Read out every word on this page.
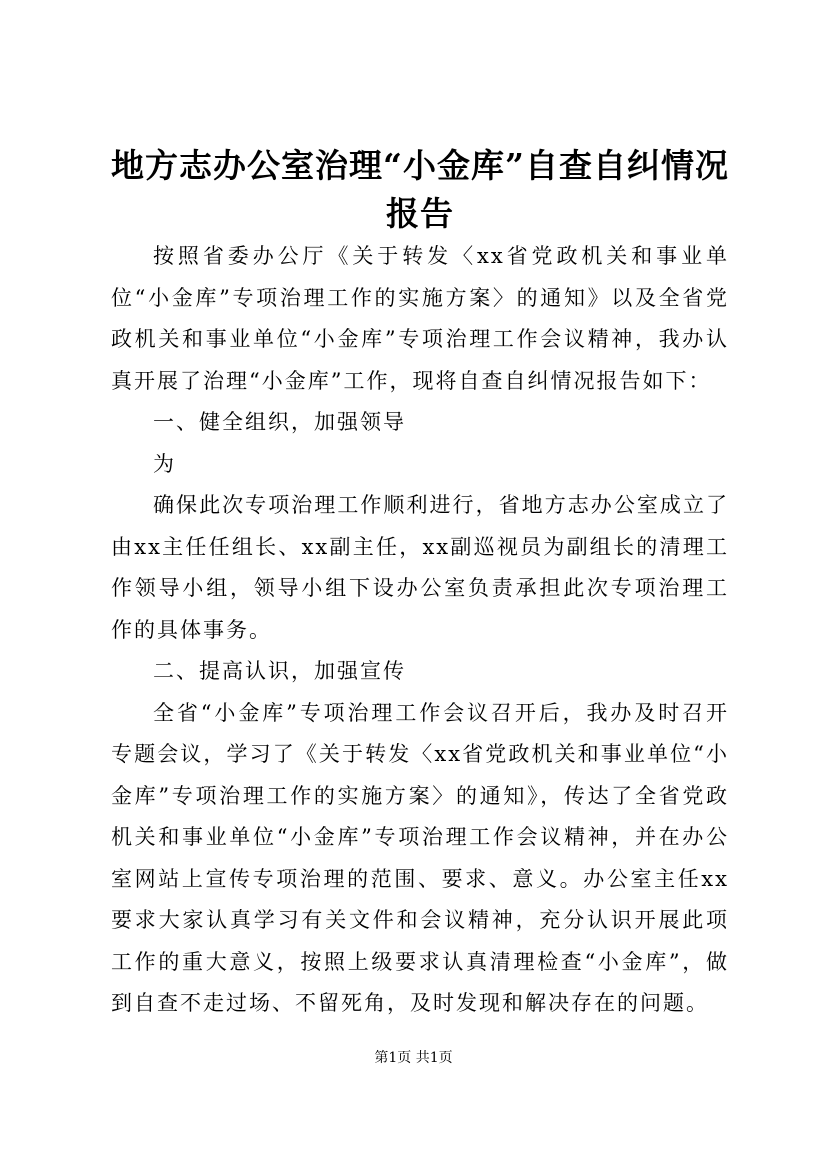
地方志办公室治理“小金库”自查自纠情况报告

按照省委办公厅《关于转发〈xx省党政机关和事业单位“小金库”专项治理工作的实施方案〉的通知》以及全省党政机关和事业单位“小金库”专项治理工作会议精神，我办认真开展了治理“小金库”工作，现将自查自纠情况报告如下：

一、健全组织，加强领导

为

确保此次专项治理工作顺利进行，省地方志办公室成立了由xx主任任组长、xx副主任，xx副巡视员为副组长的清理工作领导小组，领导小组下设办公室负责承担此次专项治理工作的具体事务。

二、提高认识，加强宣传

全省“小金库”专项治理工作会议召开后，我办及时召开专题会议，学习了《关于转发〈xx省党政机关和事业单位“小金库”专项治理工作的实施方案〉的通知》，传达了全省党政机关和事业单位“小金库”专项治理工作会议精神，并在办公室网站上宣传专项治理的范围、要求、意义。办公室主任xx要求大家认真学习有关文件和会议精神，充分认识开展此项工作的重大意义，按照上级要求认真清理检查“小金库”，做到自查不走过场、不留死角，及时发现和解决存在的问题。

第1页 共1页
